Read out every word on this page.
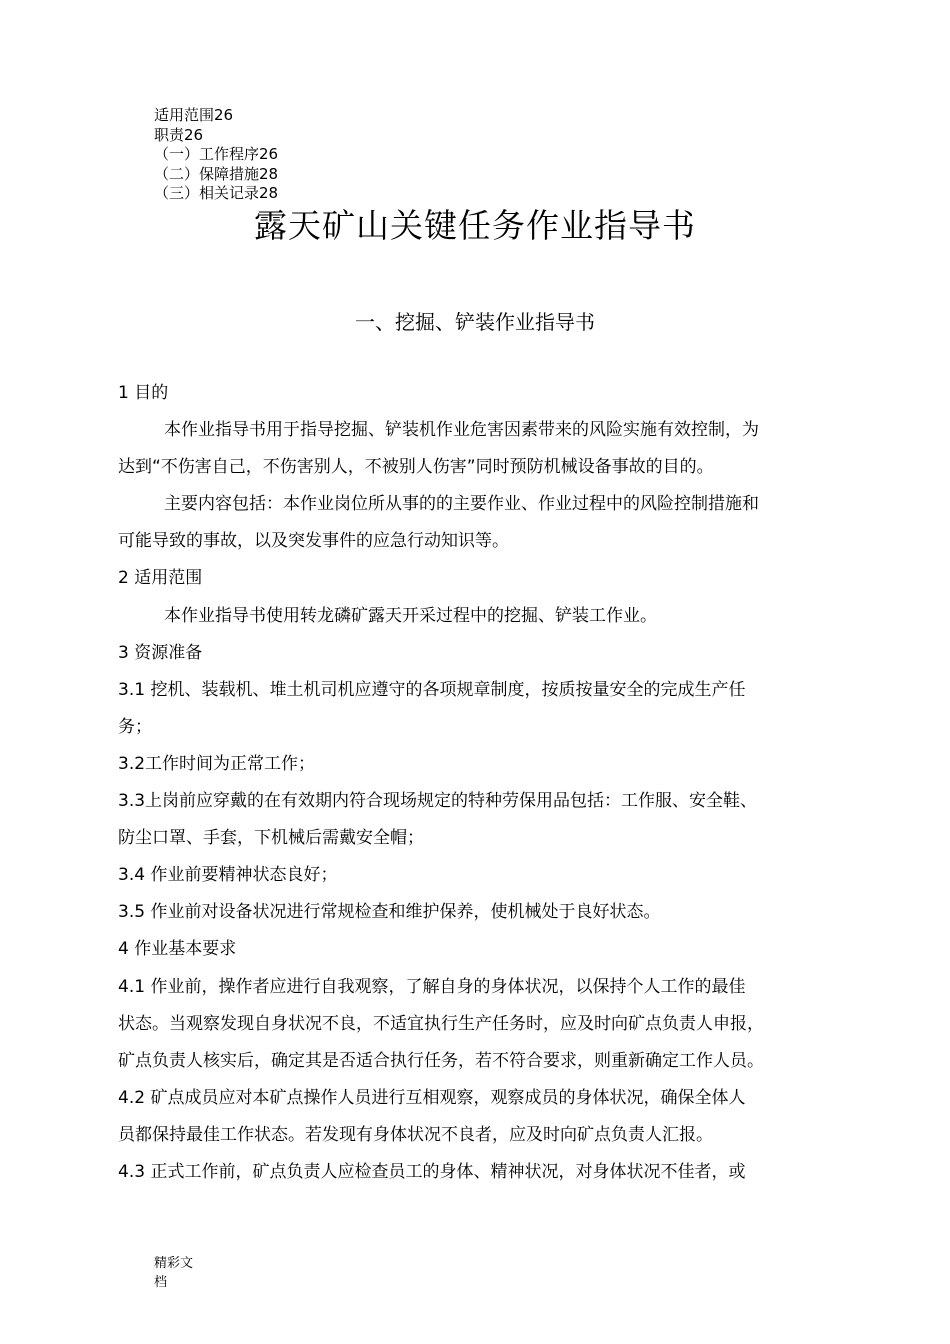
适用范围26
职责26
（一）工作程序26
（二）保障措施28
（三）相关记录28
露天矿山关键任务作业指导书
一、挖掘、铲装作业指导书

1 目的

本作业指导书用于指导挖掘、铲装机作业危害因素带来的风险实施有效控制，为

达到“不伤害自己，不伤害别人，不被别人伤害”同时预防机械设备事故的目的。

主要内容包括：本作业岗位所从事的的主要作业、作业过程中的风险控制措施和

可能导致的事故，以及突发事件的应急行动知识等。

2 适用范围

本作业指导书使用转龙磷矿露天开采过程中的挖掘、铲装工作业。

3 资源准备

3.1 挖机、装载机、堆土机司机应遵守的各项规章制度，按质按量安全的完成生产任

务；

3.2工作时间为正常工作；

3.3上岗前应穿戴的在有效期内符合现场规定的特种劳保用品包括：工作服、安全鞋、

防尘口罩、手套，下机械后需戴安全帽；

3.4 作业前要精神状态良好；

3.5 作业前对设备状况进行常规检查和维护保养，使机械处于良好状态。

4 作业基本要求

4.1 作业前，操作者应进行自我观察，了解自身的身体状况，以保持个人工作的最佳

状态。当观察发现自身状况不良，不适宜执行生产任务时，应及时向矿点负责人申报，

矿点负责人核实后，确定其是否适合执行任务，若不符合要求，则重新确定工作人员。

4.2 矿点成员应对本矿点操作人员进行互相观察，观察成员的身体状况，确保全体人

员都保持最佳工作状态。若发现有身体状况不良者，应及时向矿点负责人汇报。

4.3 正式工作前，矿点负责人应检查员工的身体、精神状况，对身体状况不佳者，或

精彩文档
